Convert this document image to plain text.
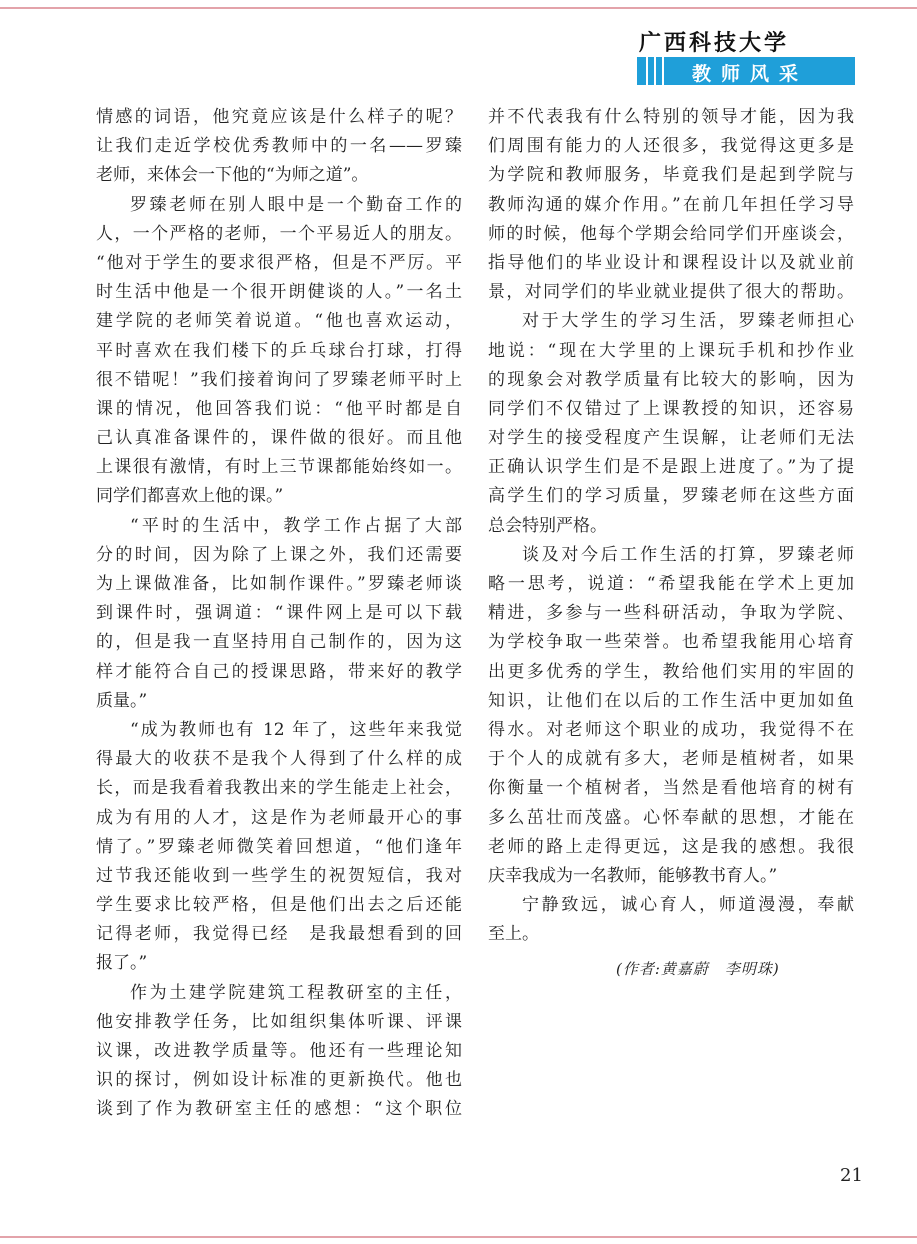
广西科技大学
教师风采
情感的词语，他究竟应该是什么样子的呢？
让我们走近学校优秀教师中的一名——罗臻
老师，来体会一下他的“为师之道”。
罗臻老师在别人眼中是一个勤奋工作的
人，一个严格的老师，一个平易近人的朋友。
“他对于学生的要求很严格，但是不严厉。平
时生活中他是一个很开朗健谈的人。”一名土
建学院的老师笑着说道。“他也喜欢运动，
平时喜欢在我们楼下的乒乓球台打球，打得
很不错呢！”我们接着询问了罗臻老师平时上
课的情况，他回答我们说：“他平时都是自
己认真准备课件的，课件做的很好。而且他
上课很有激情，有时上三节课都能始终如一。
同学们都喜欢上他的课。”
“平时的生活中，教学工作占据了大部
分的时间，因为除了上课之外，我们还需要
为上课做准备，比如制作课件。”罗臻老师谈
到课件时，强调道：“课件网上是可以下载
的，但是我一直坚持用自己制作的，因为这
样才能符合自己的授课思路，带来好的教学
质量。”
“成为教师也有 12 年了，这些年来我觉
得最大的收获不是我个人得到了什么样的成
长，而是我看着我教出来的学生能走上社会，
成为有用的人才，这是作为老师最开心的事
情了。”罗臻老师微笑着回想道，“他们逢年
过节我还能收到一些学生的祝贺短信，我对
学生要求比较严格，但是他们出去之后还能
记得老师，我觉得已经　是我最想看到的回
报了。”
作为土建学院建筑工程教研室的主任，
他安排教学任务，比如组织集体听课、评课
议课，改进教学质量等。他还有一些理论知
识的探讨，例如设计标准的更新换代。他也
谈到了作为教研室主任的感想：“这个职位
并不代表我有什么特别的领导才能，因为我
们周围有能力的人还很多，我觉得这更多是
为学院和教师服务，毕竟我们是起到学院与
教师沟通的媒介作用。”在前几年担任学习导
师的时候，他每个学期会给同学们开座谈会，
指导他们的毕业设计和课程设计以及就业前
景，对同学们的毕业就业提供了很大的帮助。
对于大学生的学习生活，罗臻老师担心
地说：“现在大学里的上课玩手机和抄作业
的现象会对教学质量有比较大的影响，因为
同学们不仅错过了上课教授的知识，还容易
对学生的接受程度产生误解，让老师们无法
正确认识学生们是不是跟上进度了。”为了提
高学生们的学习质量，罗臻老师在这些方面
总会特别严格。
谈及对今后工作生活的打算，罗臻老师
略一思考，说道：“希望我能在学术上更加
精进，多参与一些科研活动，争取为学院、
为学校争取一些荣誉。也希望我能用心培育
出更多优秀的学生，教给他们实用的牢固的
知识，让他们在以后的工作生活中更加如鱼
得水。对老师这个职业的成功，我觉得不在
于个人的成就有多大，老师是植树者，如果
你衡量一个植树者，当然是看他培育的树有
多么茁壮而茂盛。心怀奉献的思想，才能在
老师的路上走得更远，这是我的感想。我很
庆幸我成为一名教师，能够教书育人。”
宁静致远，诚心育人，师道漫漫，奉献
至上。
(作者:黄嘉蔚　李明珠)
21
